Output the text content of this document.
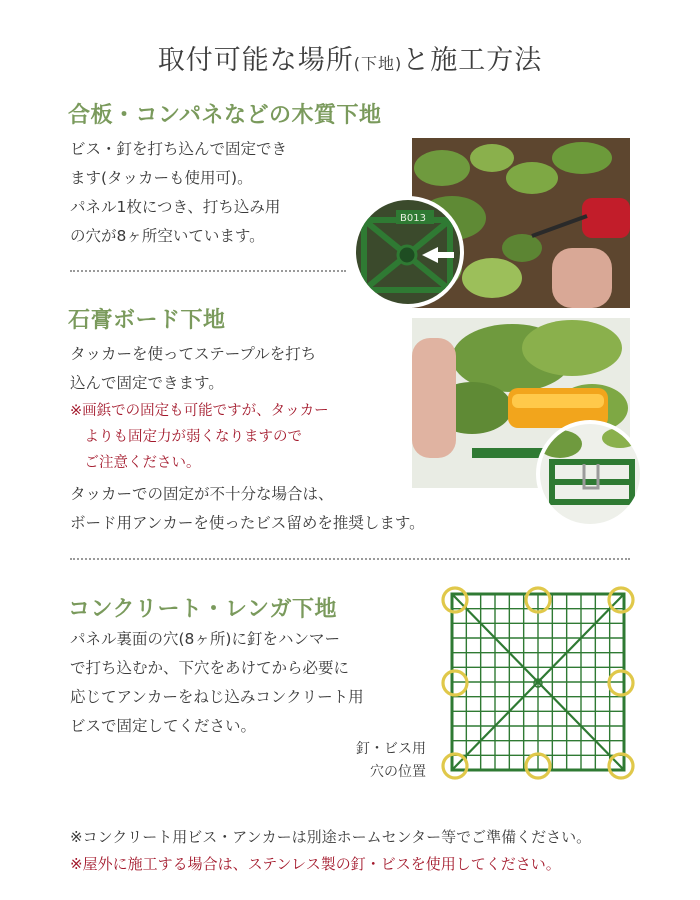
取付可能な場所(下地)と施工方法
合板・コンパネなどの木質下地
ビス・釘を打ち込んで固定でき
ます(タッカーも使用可)。
パネル1枚につき、打ち込み用
の穴が8ヶ所空いています。
B013
石膏ボード下地
タッカーを使ってステープルを打ち
込んで固定できます。
※画鋲での固定も可能ですが、タッカー
　よりも固定力が弱くなりますので
　ご注意ください。
タッカーでの固定が不十分な場合は、
ボード用アンカーを使ったビス留めを推奨します。
コンクリート・レンガ下地
パネル裏面の穴(8ヶ所)に釘をハンマー
で打ち込むか、下穴をあけてから必要に
応じてアンカーをねじ込みコンクリート用
ビスで固定してください。
釘・ビス用
穴の位置
※コンクリート用ビス・アンカーは別途ホームセンター等でご準備ください。
※屋外に施工する場合は、ステンレス製の釘・ビスを使用してください。
